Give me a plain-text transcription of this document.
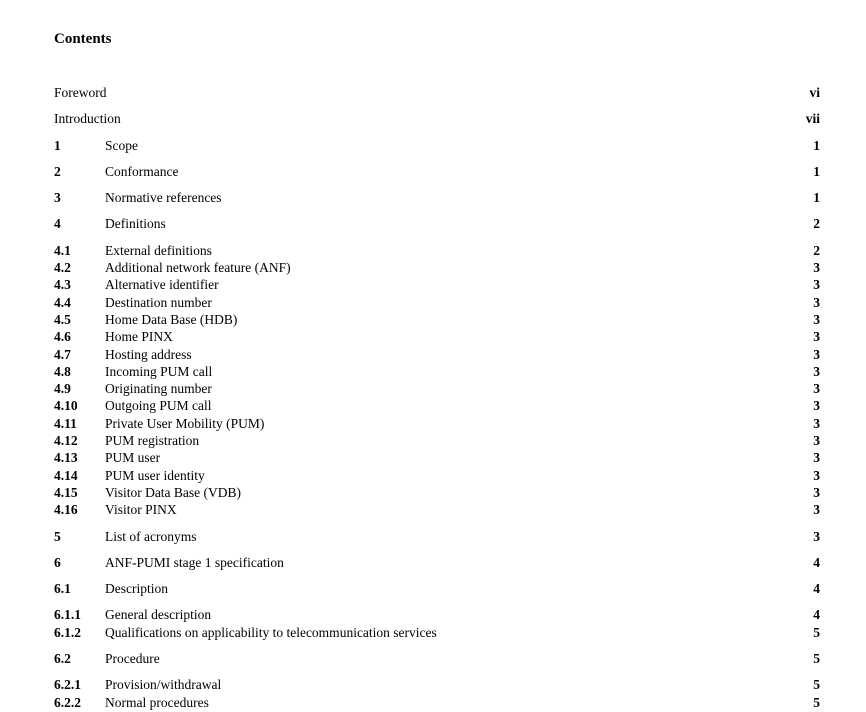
Contents
Foreword	vi
Introduction	vii
1	Scope	1
2	Conformance	1
3	Normative references	1
4	Definitions	2
4.1	External definitions	2
4.2	Additional network feature (ANF)	3
4.3	Alternative identifier	3
4.4	Destination number	3
4.5	Home Data Base (HDB)	3
4.6	Home PINX	3
4.7	Hosting address	3
4.8	Incoming PUM call	3
4.9	Originating number	3
4.10 Outgoing PUM call	3
4.11 Private User Mobility (PUM)	3
4.12 PUM registration	3
4.13 PUM user	3
4.14 PUM user identity	3
4.15 Visitor Data Base (VDB)	3
4.16 Visitor PINX	3
5	List of acronyms	3
6	ANF-PUMI stage 1 specification	4
6.1	Description	4
6.1.1 General description	4
6.1.2 Qualifications on applicability to telecommunication services	5
6.2	Procedure	5
6.2.1 Provision/withdrawal	5
6.2.2 Normal procedures	5
